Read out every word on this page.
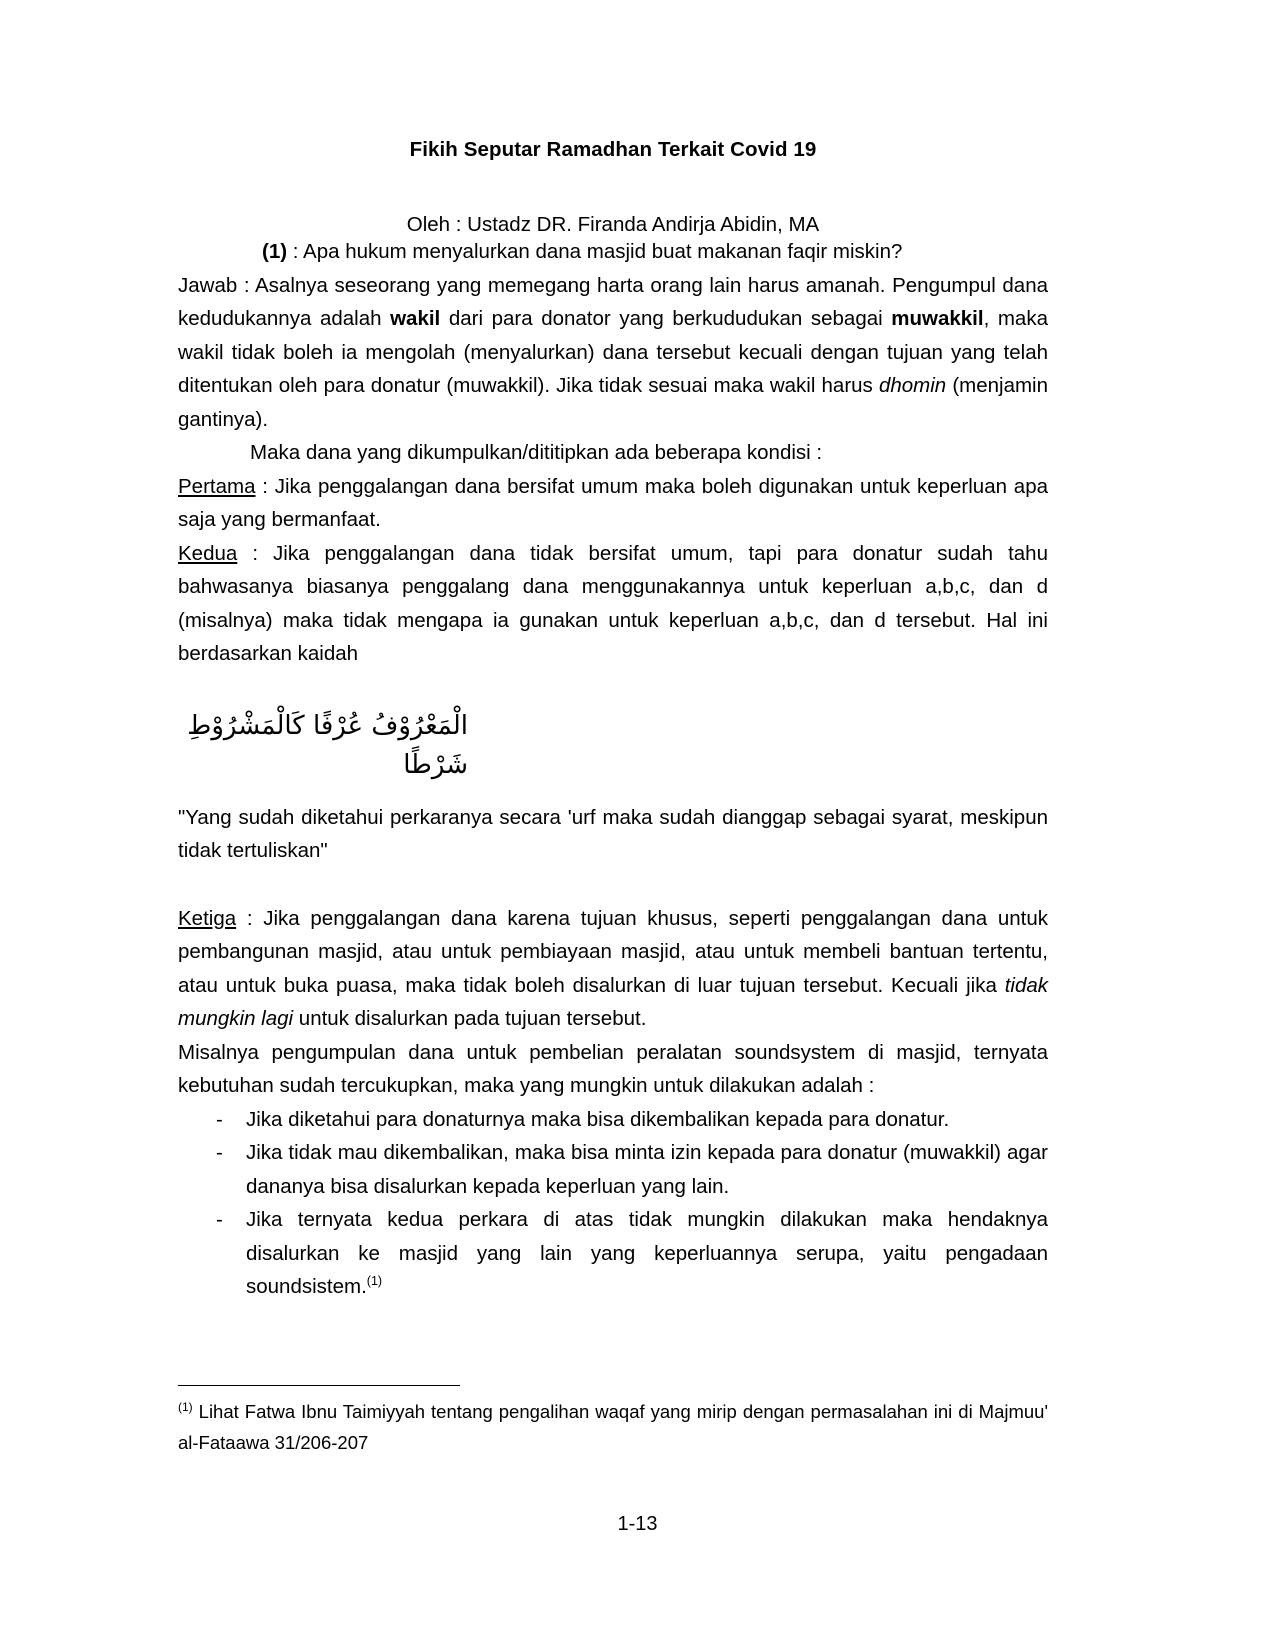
Fikih Seputar Ramadhan Terkait Covid 19
Oleh : Ustadz DR. Firanda Andirja Abidin, MA

(1) : Apa hukum menyalurkan dana masjid buat makanan faqir miskin?

Jawab : Asalnya seseorang yang memegang harta orang lain harus amanah. Pengumpul dana kedudukannya adalah wakil dari para donator yang berkududukan sebagai muwakkil, maka wakil tidak boleh ia mengolah (menyalurkan) dana tersebut kecuali dengan tujuan yang telah ditentukan oleh para donatur (muwakkil). Jika tidak sesuai maka wakil harus dhomin (menjamin gantinya).

Maka dana yang dikumpulkan/dititipkan ada beberapa kondisi :

Pertama : Jika penggalangan dana bersifat umum maka boleh digunakan untuk keperluan apa saja yang bermanfaat.

Kedua : Jika penggalangan dana tidak bersifat umum, tapi para donatur sudah tahu bahwasanya biasanya penggalang dana menggunakannya untuk keperluan a,b,c, dan d (misalnya) maka tidak mengapa ia gunakan untuk keperluan a,b,c, dan d tersebut. Hal ini berdasarkan kaidah

الْمَعْرُوْفُ عُرْفًا كَالْمَشْرُوْطِ شَرْطًا

"Yang sudah diketahui perkaranya secara 'urf maka sudah dianggap sebagai syarat, meskipun tidak tertuliskan"

Ketiga : Jika penggalangan dana karena tujuan khusus, seperti penggalangan dana untuk pembangunan masjid, atau untuk pembiayaan masjid, atau untuk membeli bantuan tertentu, atau untuk buka puasa, maka tidak boleh disalurkan di luar tujuan tersebut. Kecuali jika tidak mungkin lagi untuk disalurkan pada tujuan tersebut.

Misalnya pengumpulan dana untuk pembelian peralatan soundsystem di masjid, ternyata kebutuhan sudah tercukupkan, maka yang mungkin untuk dilakukan adalah :

- Jika diketahui para donaturnya maka bisa dikembalikan kepada para donatur.
- Jika tidak mau dikembalikan, maka bisa minta izin kepada para donatur (muwakkil) agar dananya bisa disalurkan kepada keperluan yang lain.
- Jika ternyata kedua perkara di atas tidak mungkin dilakukan maka hendaknya disalurkan ke masjid yang lain yang keperluannya serupa, yaitu pengadaan soundsistem.$^{(1)}$

$^{(1)}$ Lihat Fatwa Ibnu Taimiyyah tentang pengalihan waqaf yang mirip dengan permasalahan ini di Majmuu' al-Fataawa 31/206-207

1-13
